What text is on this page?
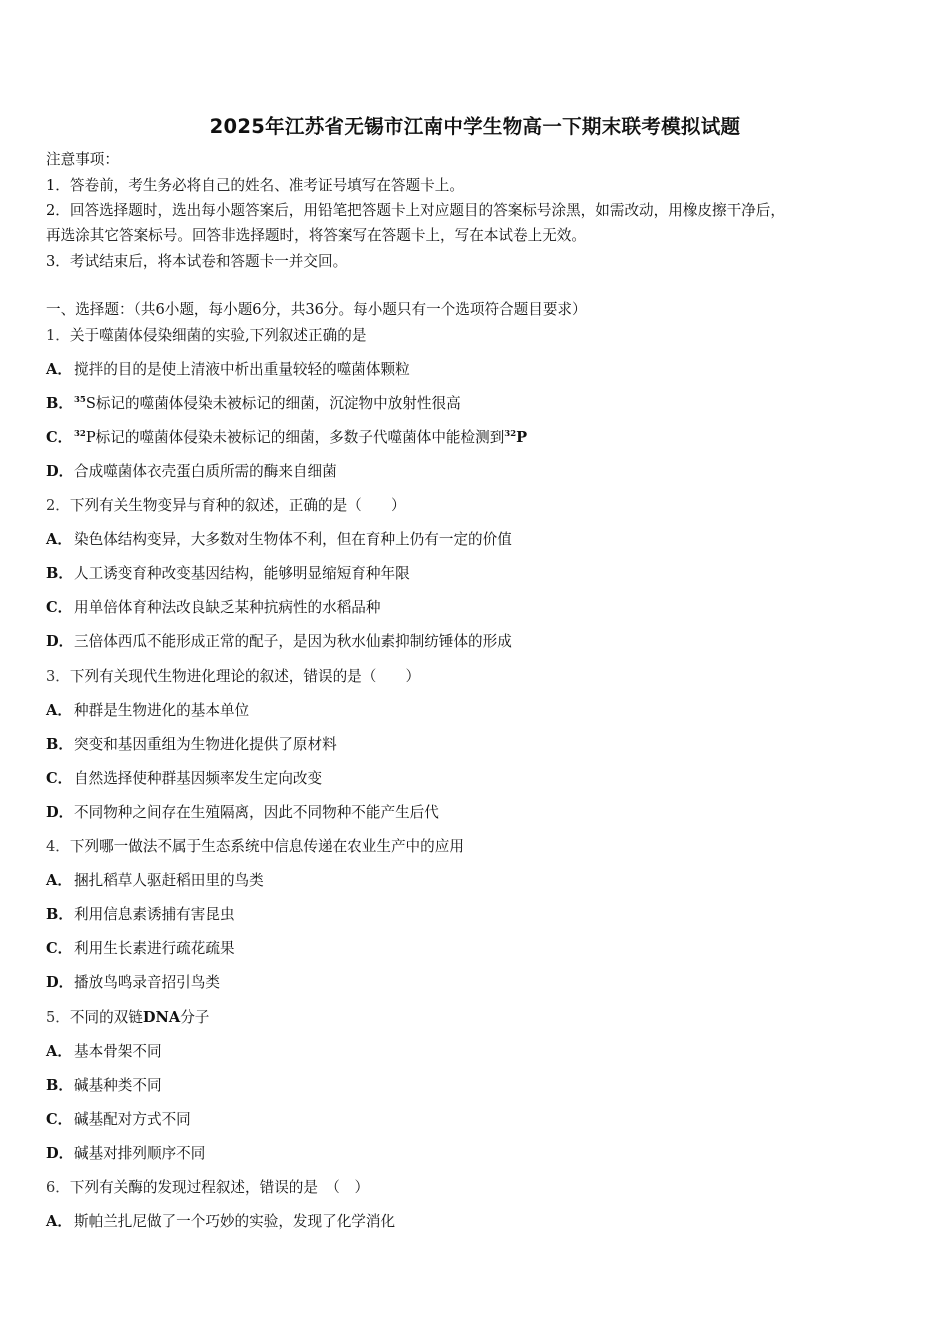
2025年江苏省无锡市江南中学生物高一下期末联考模拟试题
注意事项：
1．答卷前，考生务必将自己的姓名、准考证号填写在答题卡上。
2．回答选择题时，选出每小题答案后，用铅笔把答题卡上对应题目的答案标号涂黑，如需改动，用橡皮擦干净后，
再选涂其它答案标号。回答非选择题时，将答案写在答题卡上，写在本试卷上无效。
3．考试结束后，将本试卷和答题卡一并交回。
一、选择题：（共6小题，每小题6分，共36分。每小题只有一个选项符合题目要求）
1．关于噬菌体侵染细菌的实验,下列叙述正确的是
A． 搅拌的目的是使上清液中析出重量较轻的噬菌体颗粒
B．$^{35}$S标记的噬菌体侵染未被标记的细菌，沉淀物中放射性很高
C． $^{32}$P标记的噬菌体侵染未被标记的细菌，多数子代噬菌体中能检测到$^{32}$P
D．合成噬菌体衣壳蛋白质所需的酶来自细菌
2．下列有关生物变异与育种的叙述，正确的是（　　）
A． 染色体结构变异，大多数对生物体不利，但在育种上仍有一定的价值
B．人工诱变育种改变基因结构，能够明显缩短育种年限
C． 用单倍体育种法改良缺乏某种抗病性的水稻品种
D．三倍体西瓜不能形成正常的配子，是因为秋水仙素抑制纺锤体的形成
3．下列有关现代生物进化理论的叙述，错误的是（　　）
A． 种群是生物进化的基本单位
B．突变和基因重组为生物进化提供了原材料
C． 自然选择使种群基因频率发生定向改变
D．不同物种之间存在生殖隔离，因此不同物种不能产生后代
4．下列哪一做法不属于生态系统中信息传递在农业生产中的应用
A． 捆扎稻草人驱赶稻田里的鸟类
B．利用信息素诱捕有害昆虫
C． 利用生长素进行疏花疏果
D．播放鸟鸣录音招引鸟类
5．不同的双链DNA分子
A． 基本骨架不同
B．碱基种类不同
C． 碱基配对方式不同
D．碱基对排列顺序不同
6．下列有关酶的发现过程叙述，错误的是　（　）
A． 斯帕兰扎尼做了一个巧妙的实验，发现了化学消化
